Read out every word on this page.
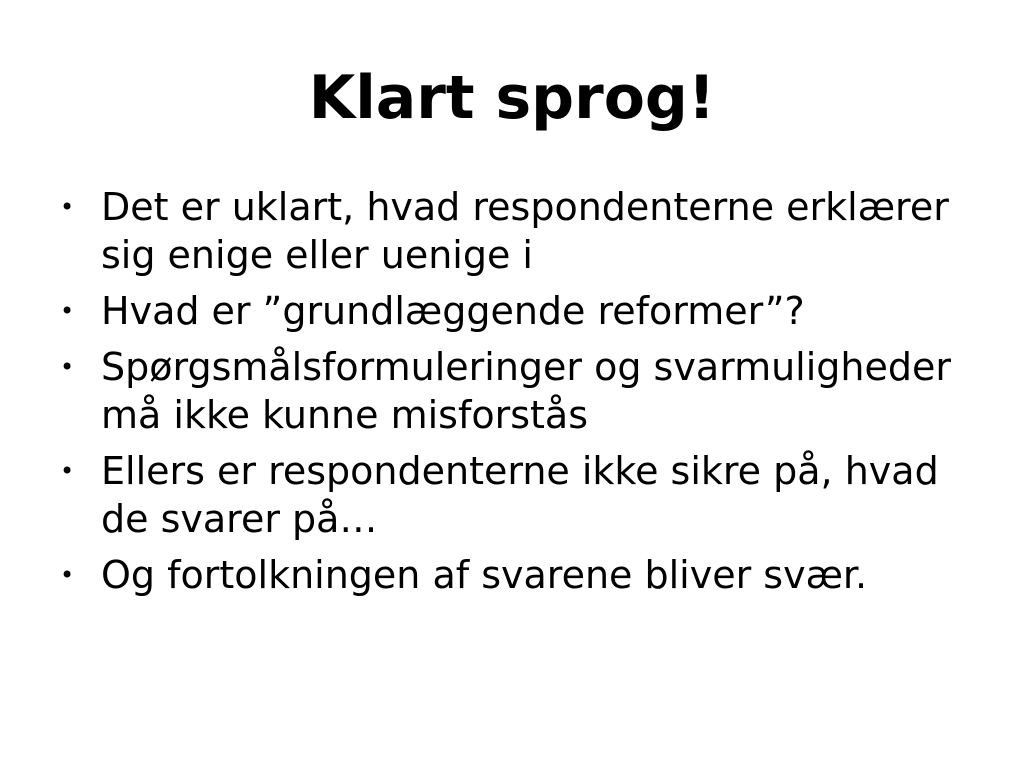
Klart sprog!
• Det er uklart, hvad respondenterne erklærer sig enige eller uenige i
• Hvad er ”grundlæggende reformer”?
• Spørgsmålsformuleringer og svarmuligheder må ikke kunne misforstås
• Ellers er respondenterne ikke sikre på, hvad de svarer på…
• Og fortolkningen af svarene bliver svær.
